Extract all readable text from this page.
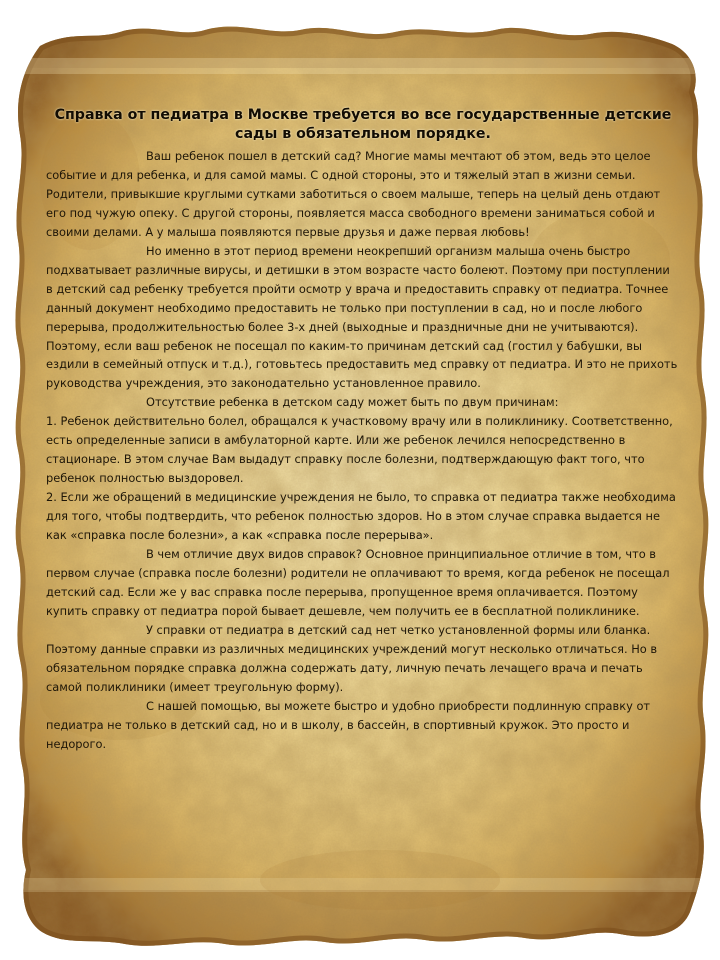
Справка от педиатра в Москве требуется во все государственные детские сады в обязательном порядке.

Ваш ребенок пошел в детский сад? Многие мамы мечтают об этом, ведь это целое событие и для ребенка, и для самой мамы. С одной стороны, это и тяжелый этап в жизни семьи. Родители, привыкшие круглыми сутками заботиться о своем малыше, теперь на целый день отдают его под чужую опеку. С другой стороны, появляется масса свободного времени заниматься собой и своими делами. А у малыша появляются первые друзья и даже первая любовь!

Но именно в этот период времени неокрепший организм малыша очень быстро подхватывает различные вирусы, и детишки в этом возрасте часто болеют. Поэтому при поступлении в детский сад ребенку требуется пройти осмотр у врача и предоставить справку от педиатра. Точнее данный документ необходимо предоставить не только при поступлении в сад, но и после любого перерыва, продолжительностью более 3-х дней (выходные и праздничные дни не учитываются). Поэтому, если ваш ребенок не посещал по каким-то причинам детский сад (гостил у бабушки, вы ездили в семейный отпуск и т.д.), готовьтесь предоставить мед справку от педиатра. И это не прихоть руководства учреждения, это законодательно установленное правило.

Отсутствие ребенка в детском саду может быть по двум причинам:

1. Ребенок действительно болел, обращался к участковому врачу или в поликлинику. Соответственно, есть определенные записи в амбулаторной карте. Или же ребенок лечился непосредственно в стационаре. В этом случае Вам выдадут справку после болезни, подтверждающую факт того, что ребенок полностью выздоровел.

2. Если же обращений в медицинские учреждения не было, то справка от педиатра также необходима для того, чтобы подтвердить, что ребенок полностью здоров. Но в этом случае справка выдается не как «справка после болезни», а как «справка после перерыва».

В чем отличие двух видов справок? Основное принципиальное отличие в том, что в первом случае (справка после болезни) родители не оплачивают то время, когда ребенок не посещал детский сад. Если же у вас справка после перерыва, пропущенное время оплачивается. Поэтому купить справку от педиатра порой бывает дешевле, чем получить ее в бесплатной поликлинике.

У справки от педиатра в детский сад нет четко установленной формы или бланка. Поэтому данные справки из различных медицинских учреждений могут несколько отличаться. Но в обязательном порядке справка должна содержать дату, личную печать лечащего врача и печать самой поликлиники (имеет треугольную форму).

С нашей помощью, вы можете быстро и удобно приобрести подлинную справку от педиатра не только в детский сад, но и в школу, в бассейн, в спортивный кружок. Это просто и недорого.
